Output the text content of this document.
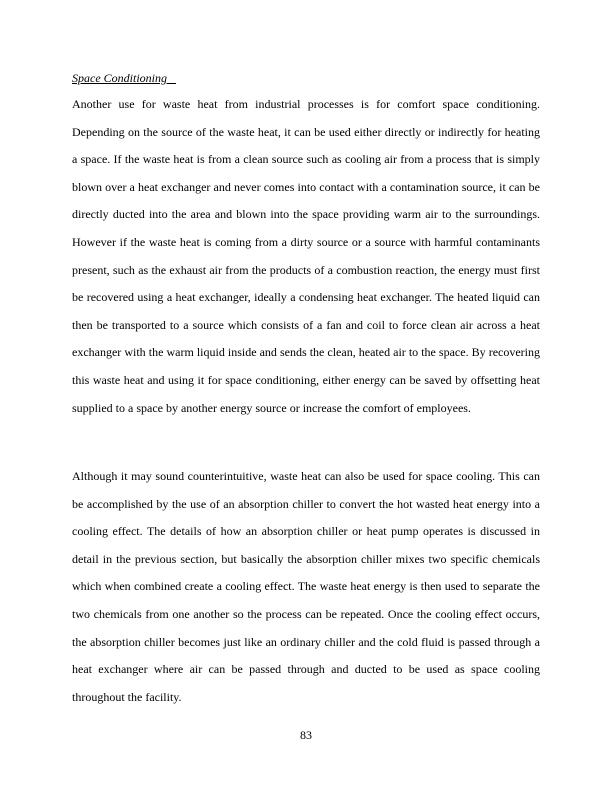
Space Conditioning

Another use for waste heat from industrial processes is for comfort space conditioning. Depending on the source of the waste heat, it can be used either directly or indirectly for heating a space. If the waste heat is from a clean source such as cooling air from a process that is simply blown over a heat exchanger and never comes into contact with a contamination source, it can be directly ducted into the area and blown into the space providing warm air to the surroundings. However if the waste heat is coming from a dirty source or a source with harmful contaminants present, such as the exhaust air from the products of a combustion reaction, the energy must first be recovered using a heat exchanger, ideally a condensing heat exchanger. The heated liquid can then be transported to a source which consists of a fan and coil to force clean air across a heat exchanger with the warm liquid inside and sends the clean, heated air to the space. By recovering this waste heat and using it for space conditioning, either energy can be saved by offsetting heat supplied to a space by another energy source or increase the comfort of employees.

Although it may sound counterintuitive, waste heat can also be used for space cooling. This can be accomplished by the use of an absorption chiller to convert the hot wasted heat energy into a cooling effect. The details of how an absorption chiller or heat pump operates is discussed in detail in the previous section, but basically the absorption chiller mixes two specific chemicals which when combined create a cooling effect. The waste heat energy is then used to separate the two chemicals from one another so the process can be repeated. Once the cooling effect occurs, the absorption chiller becomes just like an ordinary chiller and the cold fluid is passed through a heat exchanger where air can be passed through and ducted to be used as space cooling throughout the facility.

83
